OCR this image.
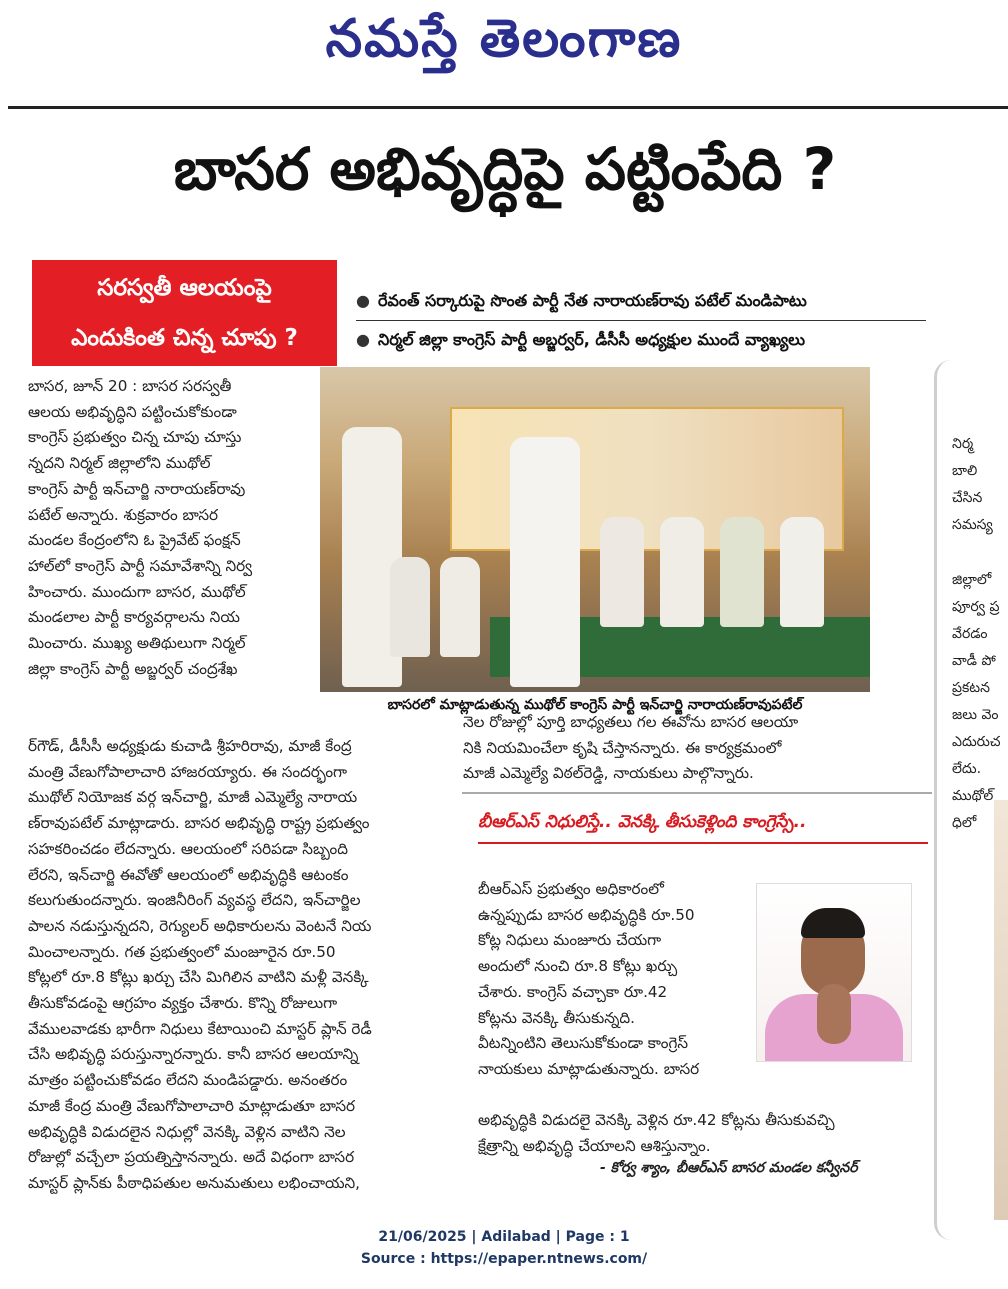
నమస్తే తెలంగాణ
బాసర అభివృద్ధిపై పట్టింపేది ?
సరస్వతీ ఆలయంపై
ఎందుకింత చిన్న చూపు ?
● రేవంత్ సర్కారుపై సొంత పార్టీ నేత నారాయణ్‌రావు పటేల్ మండిపాటు
● నిర్మల్ జిల్లా కాంగ్రెస్ పార్టీ అబ్జర్వర్, డీసీసీ అధ్యక్షుల ముందే వ్యాఖ్యలు
బాసరలో మాట్లాడుతున్న ముథోల్ కాంగ్రెస్ పార్టీ ఇన్‌చార్జి నారాయణ్‌రావుపటేల్

బాసర, జూన్ 20 : బాసర సరస్వతీ

ఆలయ అభివృద్ధిని పట్టించుకోకుండా

కాంగ్రెస్ ప్రభుత్వం చిన్న చూపు చూస్తు

న్నదని నిర్మల్ జిల్లాలోని ముథోల్

కాంగ్రెస్ పార్టీ ఇన్‌చార్జి నారాయణ్‌రావు

పటేల్ అన్నారు. శుక్రవారం బాసర

మండల కేంద్రంలోని ఓ ప్రైవేట్ ఫంక్షన్

హాల్‌లో కాంగ్రెస్ పార్టీ సమావేశాన్ని నిర్వ

హించారు. ముందుగా బాసర, ముథోల్

మండలాల పార్టీ కార్యవర్గాలను నియ

మించారు. ముఖ్య అతిథులుగా నిర్మల్

జిల్లా కాంగ్రెస్ పార్టీ అబ్జర్వర్ చంద్రశేఖ

ర్‌గౌడ్, డీసీసీ అధ్యక్షుడు కుచాడి శ్రీహరిరావు, మాజీ కేంద్ర

మంత్రి వేణుగోపాలాచారి హాజరయ్యారు. ఈ సందర్భంగా

ముథోల్ నియోజక వర్గ ఇన్‌చార్జి, మాజీ ఎమ్మెల్యే నారాయ

ణ్‌రావుపటేల్ మాట్లాడారు. బాసర అభివృద్ధి రాష్ట్ర ప్రభుత్వం

సహకరించడం లేదన్నారు. ఆలయంలో సరిపడా సిబ్బంది

లేరని, ఇన్‌చార్జి ఈవోతో ఆలయంలో అభివృద్ధికి ఆటంకం

కలుగుతుందన్నారు. ఇంజినీరింగ్ వ్యవస్థ లేదని, ఇన్‌చార్జిల

పాలన నడుస్తున్నదని, రెగ్యులర్ అధికారులను వెంటనే నియ

మించాలన్నారు. గత ప్రభుత్వంలో మంజూరైన రూ.50

కోట్లలో రూ.8 కోట్లు ఖర్చు చేసి మిగిలిన వాటిని మళ్లీ వెనక్కి

తీసుకోవడంపై ఆగ్రహం వ్యక్తం చేశారు. కొన్ని రోజులుగా

వేములవాడకు భారీగా నిధులు కేటాయించి మాస్టర్ ప్లాన్ రెడీ

చేసి అభివృద్ధి పరుస్తున్నారన్నారు. కానీ బాసర ఆలయాన్ని

మాత్రం పట్టించుకోవడం లేదని మండిపడ్డారు. అనంతరం

మాజీ కేంద్ర మంత్రి వేణుగోపాలాచారి మాట్లాడుతూ బాసర

అభివృద్ధికి విడుదలైన నిధుల్లో వెనక్కి వెళ్లిన వాటిని నెల

రోజుల్లో వచ్చేలా ప్రయత్నిస్తానన్నారు. అదే విధంగా బాసర

మాస్టర్ ప్లాన్‌కు పీఠాధిపతుల అనుమతులు లభించాయని,

నెల రోజుల్లో పూర్తి బాధ్యతలు గల ఈవోను బాసర ఆలయా

నికి నియమించేలా కృషి చేస్తానన్నారు. ఈ కార్యక్రమంలో

మాజీ ఎమ్మెల్యే విఠల్‌రెడ్డి, నాయకులు పాల్గొన్నారు.

బీఆర్ఎస్ నిధులిస్తే.. వెనక్కి తీసుకెళ్లింది కాంగ్రెస్సే..

బీఆర్ఎస్ ప్రభుత్వం అధికారంలో

ఉన్నప్పుడు బాసర అభివృద్ధికి రూ.50

కోట్ల నిధులు మంజూరు చేయగా

అందులో నుంచి రూ.8 కోట్లు ఖర్చు

చేశారు. కాంగ్రెస్ వచ్చాకా రూ.42

కోట్లను వెనక్కి తీసుకున్నది.

వీటన్నింటిని తెలుసుకోకుండా కాంగ్రెస్

నాయకులు మాట్లాడుతున్నారు. బాసర

అభివృద్ధికి విడుదలై వెనక్కి వెళ్లిన రూ.42 కోట్లను తీసుకువచ్చి

క్షేత్రాన్ని అభివృద్ధి చేయాలని ఆశిస్తున్నాం.

- కోర్వ శ్యాం, బీఆర్ఎస్ బాసర మండల కన్వీనర్
నిర్మ
బాలి
చేసిన
సమస్య
జిల్లాలో
పూర్వ ప్ర
వేరడం
వాడీ పో
ప్రకటన
జలు వెం
ఎదురుచ
లేదు.
ముథోల్
ధిలో
21/06/2025 | Adilabad | Page : 1
Source : https://epaper.ntnews.com/
